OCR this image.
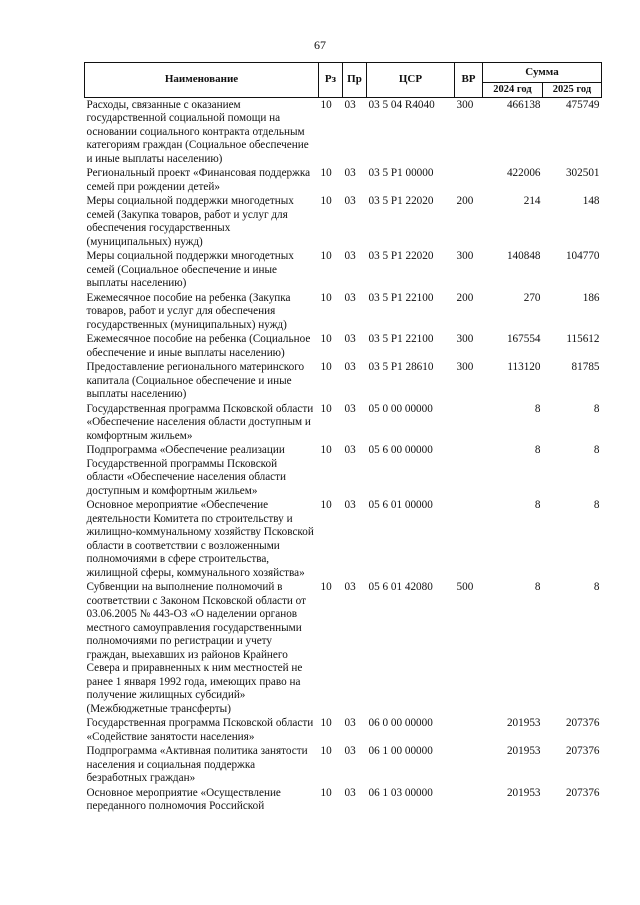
67
Наименование	Рз	Пр	ЦСР	ВР	Сумма	
					2024 год	2025 год
Расходы, связанные с оказанием государственной социальной помощи на основании социального контракта отдельным категориям граждан (Социальное обеспечение и иные выплаты населению)	10	03	03 5 04 R4040	300	466138	475749
Региональный проект «Финансовая поддержка семей при рождении детей»	10	03	03 5 Р1 00000		422006	302501
Меры социальной поддержки многодетных семей (Закупка товаров, работ и услуг для обеспечения государственных (муниципальных) нужд)	10	03	03 5 Р1 22020	200	214	148
Меры социальной поддержки многодетных семей (Социальное обеспечение и иные выплаты населению)	10	03	03 5 Р1 22020	300	140848	104770
Ежемесячное пособие на ребенка (Закупка товаров, работ и услуг для обеспечения государственных (муниципальных) нужд)	10	03	03 5 Р1 22100	200	270	186
Ежемесячное пособие на ребенка (Социальное обеспечение и иные выплаты населению)	10	03	03 5 Р1 22100	300	167554	115612
Предоставление регионального материнского капитала (Социальное обеспечение и иные выплаты населению)	10	03	03 5 Р1 28610	300	113120	81785
Государственная программа Псковской области «Обеспечение населения области доступным и комфортным жильем»	10	03	05 0 00 00000		8	8
Подпрограмма «Обеспечение реализации Государственной программы Псковской области «Обеспечение населения области доступным и комфортным жильем»	10	03	05 6 00 00000		8	8
Основное мероприятие «Обеспечение деятельности Комитета по строительству и жилищно-коммунальному хозяйству Псковской области в соответствии с возложенными полномочиями в сфере строительства, жилищной сферы, коммунального хозяйства»	10	03	05 6 01 00000		8	8
Субвенции на выполнение полномочий в соответствии с Законом Псковской области от 03.06.2005 № 443-ОЗ «О наделении органов местного самоуправления государственными полномочиями по регистрации и учету граждан, выехавших из районов Крайнего Севера и приравненных к ним местностей не ранее 1 января 1992 года, имеющих право на получение жилищных субсидий» (Межбюджетные трансферты)	10	03	05 6 01 42080	500	8	8
Государственная программа Псковской области «Содействие занятости населения»	10	03	06 0 00 00000		201953	207376
Подпрограмма «Активная политика занятости населения и социальная поддержка безработных граждан»	10	03	06 1 00 00000		201953	207376
Основное мероприятие «Осуществление переданного полномочия Российской	10	03	06 1 03 00000		201953	207376
